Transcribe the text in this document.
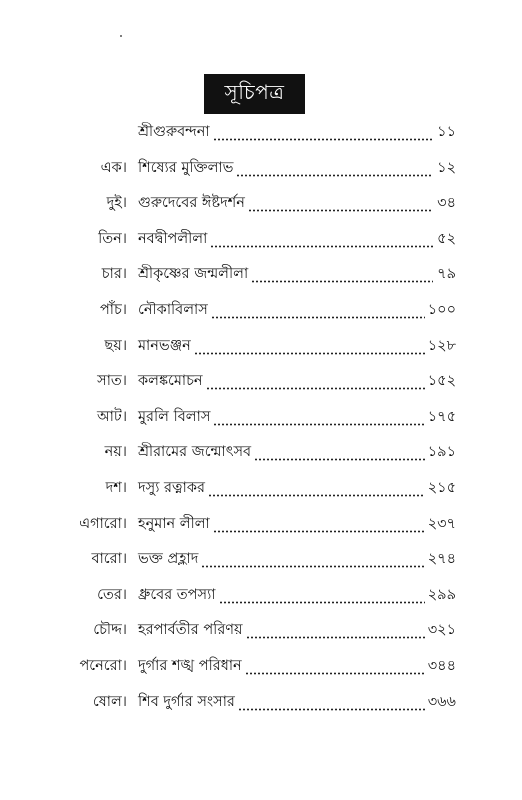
সূচিপত্র
শ্রীগুরুবন্দনা	১১
এক। শিষ্যের মুক্তিলাভ	১২
দুই। গুরুদেবের ঈষ্টদর্শন	৩৪
তিন। নবদ্বীপলীলা	৫২
চার। শ্রীকৃষ্ণের জন্মলীলা	৭৯
পাঁচ। নৌকাবিলাস	১০০
ছয়। মানভঞ্জন	১২৮
সাত। কলঙ্কমোচন	১৫২
আট। মুরলি বিলাস	১৭৫
নয়। শ্রীরামের জন্মোৎসব	১৯১
দশ। দস্যু রত্নাকর	২১৫
এগারো। হনুমান লীলা	২৩৭
বারো। ভক্ত প্রহ্লাদ	২৭৪
তের। ধ্রুবের তপস্যা	২৯৯
চৌদ্দ। হরপার্বতীর পরিণয়	৩২১
পনেরো। দুর্গার শঙ্খ পরিধান	৩৪৪
ষোল। শিব দুর্গার সংসার	৩৬৬
